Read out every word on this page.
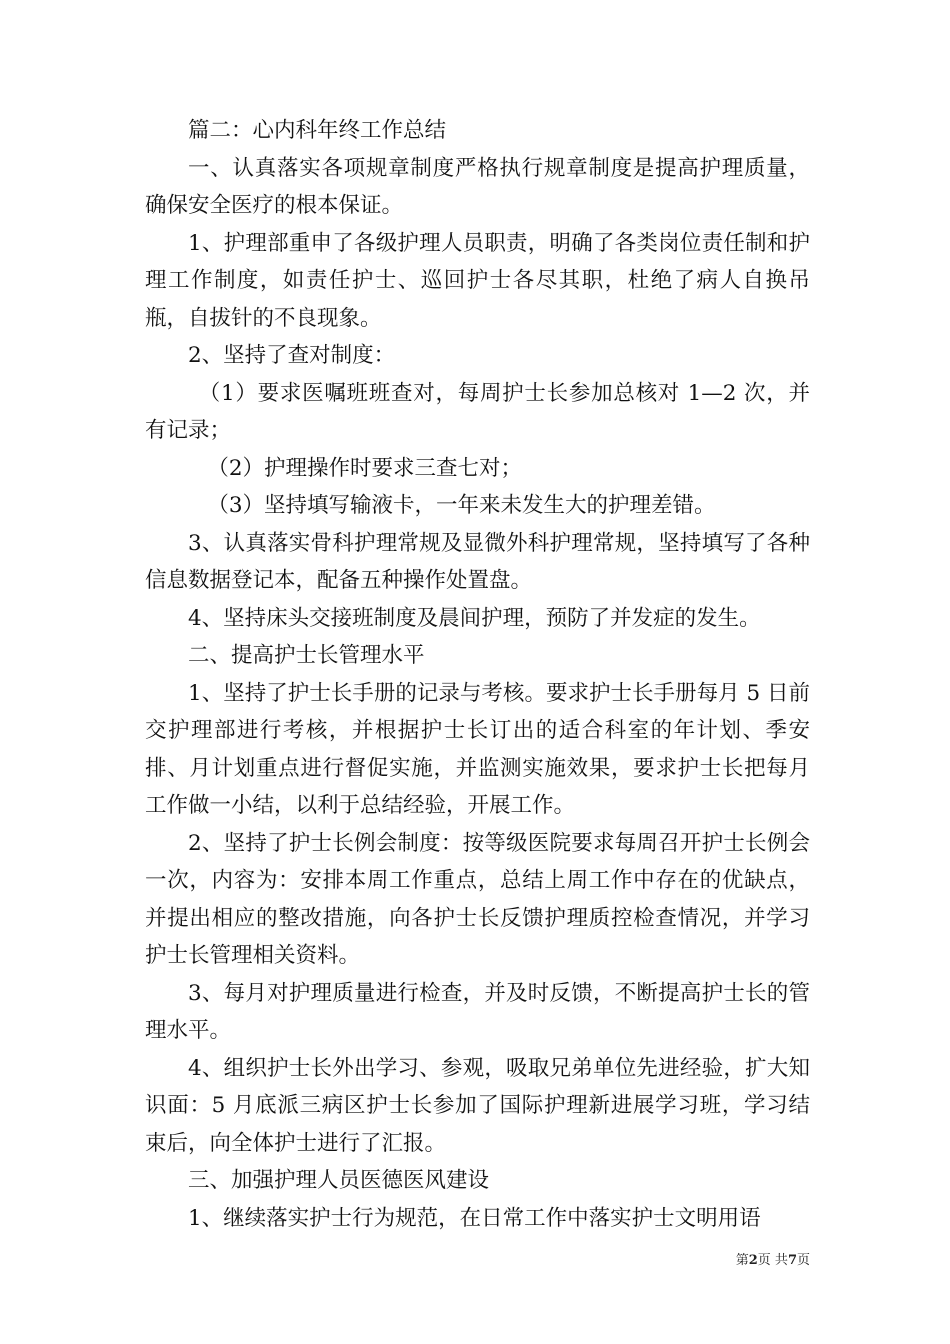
篇二：心内科年终工作总结

一、认真落实各项规章制度严格执行规章制度是提高护理质量，确保安全医疗的根本保证。

1、护理部重申了各级护理人员职责，明确了各类岗位责任制和护理工作制度，如责任护士、巡回护士各尽其职，杜绝了病人自换吊瓶，自拔针的不良现象。

2、坚持了查对制度：

（1）要求医嘱班班查对，每周护士长参加总核对 1—2 次，并有记录；

（2）护理操作时要求三查七对；

（3）坚持填写输液卡，一年来未发生大的护理差错。

3、认真落实骨科护理常规及显微外科护理常规，坚持填写了各种信息数据登记本，配备五种操作处置盘。

4、坚持床头交接班制度及晨间护理，预防了并发症的发生。

二、提高护士长管理水平

1、坚持了护士长手册的记录与考核。要求护士长手册每月 5 日前交护理部进行考核，并根据护士长订出的适合科室的年计划、季安排、月计划重点进行督促实施，并监测实施效果，要求护士长把每月工作做一小结，以利于总结经验，开展工作。

2、坚持了护士长例会制度：按等级医院要求每周召开护士长例会一次，内容为：安排本周工作重点，总结上周工作中存在的优缺点，并提出相应的整改措施，向各护士长反馈护理质控检查情况，并学习护士长管理相关资料。

3、每月对护理质量进行检查，并及时反馈，不断提高护士长的管理水平。

4、组织护士长外出学习、参观，吸取兄弟单位先进经验，扩大知识面：5 月底派三病区护士长参加了国际护理新进展学习班，学习结束后，向全体护士进行了汇报。

三、加强护理人员医德医风建设

1、继续落实护士行为规范，在日常工作中落实护士文明用语

第2页 共7页
